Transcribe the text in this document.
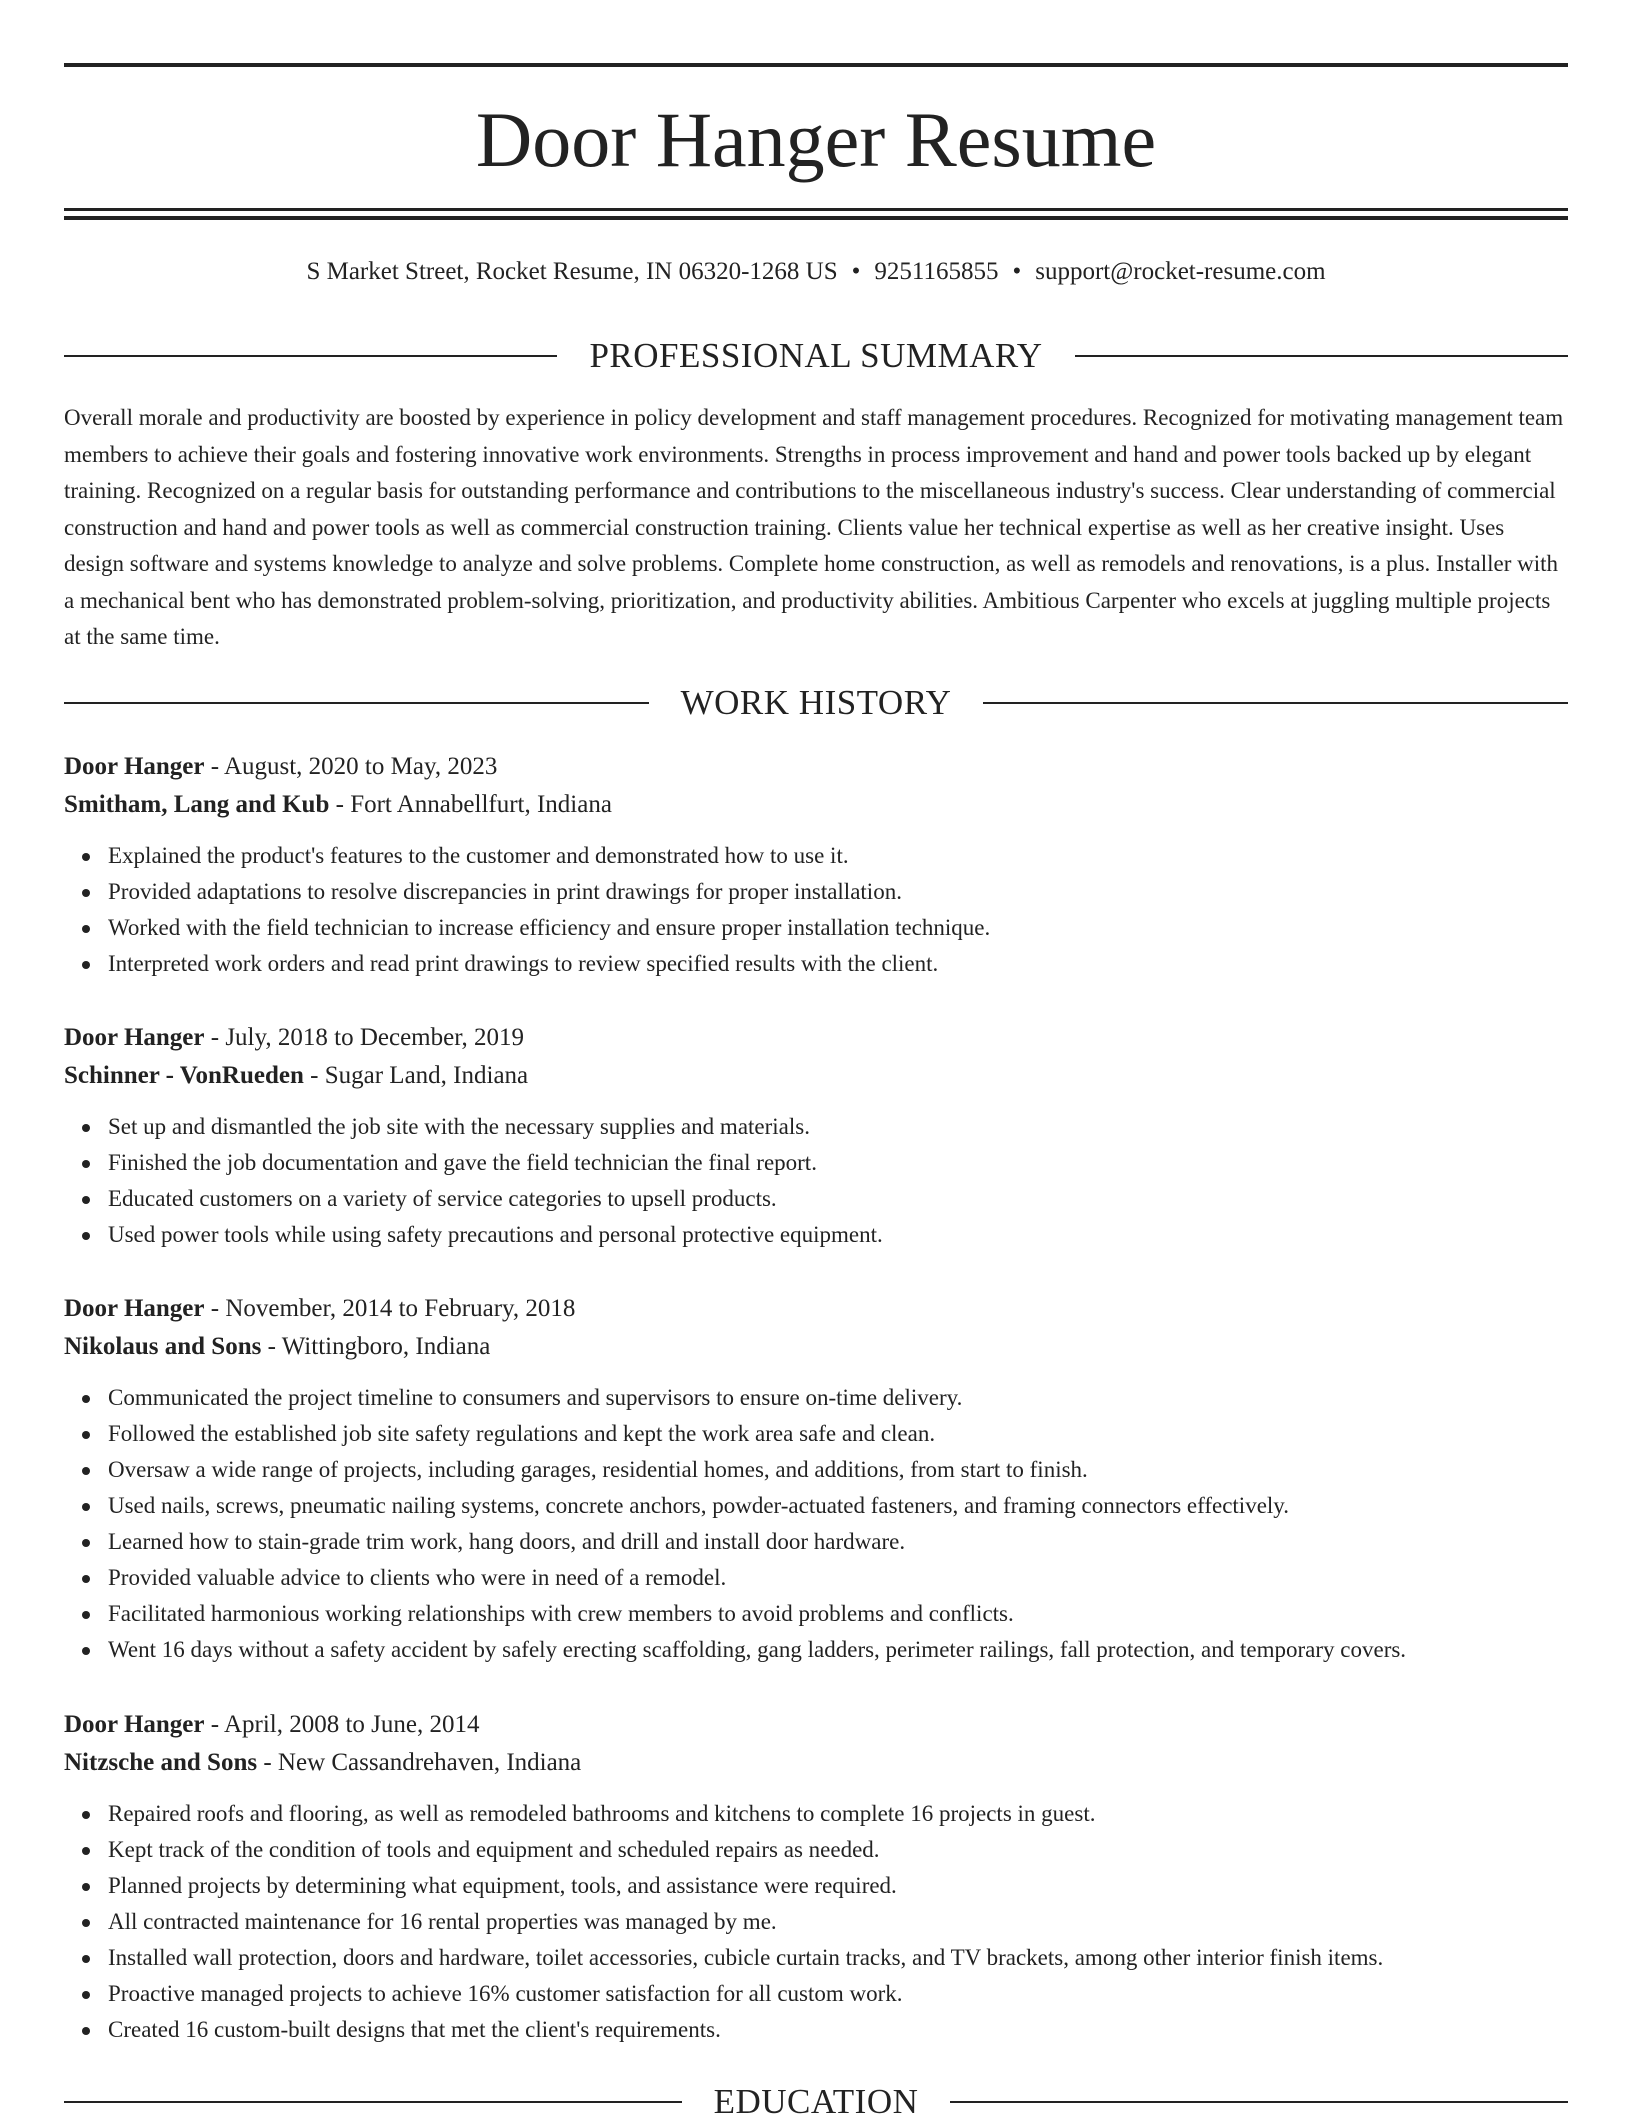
Door Hanger Resume
S Market Street, Rocket Resume, IN 06320-1268 US • 9251165855 • support@rocket-resume.com
PROFESSIONAL SUMMARY

Overall morale and productivity are boosted by experience in policy development and staff management procedures. Recognized for motivating management team members to achieve their goals and fostering innovative work environments. Strengths in process improvement and hand and power tools backed up by elegant training. Recognized on a regular basis for outstanding performance and contributions to the miscellaneous industry's success. Clear understanding of commercial construction and hand and power tools as well as commercial construction training. Clients value her technical expertise as well as her creative insight. Uses design software and systems knowledge to analyze and solve problems. Complete home construction, as well as remodels and renovations, is a plus. Installer with a mechanical bent who has demonstrated problem-solving, prioritization, and productivity abilities. Ambitious Carpenter who excels at juggling multiple projects at the same time.

WORK HISTORY
Door Hanger - August, 2020 to May, 2023
Smitham, Lang and Kub - Fort Annabellfurt, Indiana
Explained the product's features to the customer and demonstrated how to use it.
Provided adaptations to resolve discrepancies in print drawings for proper installation.
Worked with the field technician to increase efficiency and ensure proper installation technique.
Interpreted work orders and read print drawings to review specified results with the client.
Door Hanger - July, 2018 to December, 2019
Schinner - VonRueden - Sugar Land, Indiana
Set up and dismantled the job site with the necessary supplies and materials.
Finished the job documentation and gave the field technician the final report.
Educated customers on a variety of service categories to upsell products.
Used power tools while using safety precautions and personal protective equipment.
Door Hanger - November, 2014 to February, 2018
Nikolaus and Sons - Wittingboro, Indiana
Communicated the project timeline to consumers and supervisors to ensure on-time delivery.
Followed the established job site safety regulations and kept the work area safe and clean.
Oversaw a wide range of projects, including garages, residential homes, and additions, from start to finish.
Used nails, screws, pneumatic nailing systems, concrete anchors, powder-actuated fasteners, and framing connectors effectively.
Learned how to stain-grade trim work, hang doors, and drill and install door hardware.
Provided valuable advice to clients who were in need of a remodel.
Facilitated harmonious working relationships with crew members to avoid problems and conflicts.
Went 16 days without a safety accident by safely erecting scaffolding, gang ladders, perimeter railings, fall protection, and temporary covers.
Door Hanger - April, 2008 to June, 2014
Nitzsche and Sons - New Cassandrehaven, Indiana
Repaired roofs and flooring, as well as remodeled bathrooms and kitchens to complete 16 projects in guest.
Kept track of the condition of tools and equipment and scheduled repairs as needed.
Planned projects by determining what equipment, tools, and assistance were required.
All contracted maintenance for 16 rental properties was managed by me.
Installed wall protection, doors and hardware, toilet accessories, cubicle curtain tracks, and TV brackets, among other interior finish items.
Proactive managed projects to achieve 16% customer satisfaction for all custom work.
Created 16 custom-built designs that met the client's requirements.
EDUCATION
